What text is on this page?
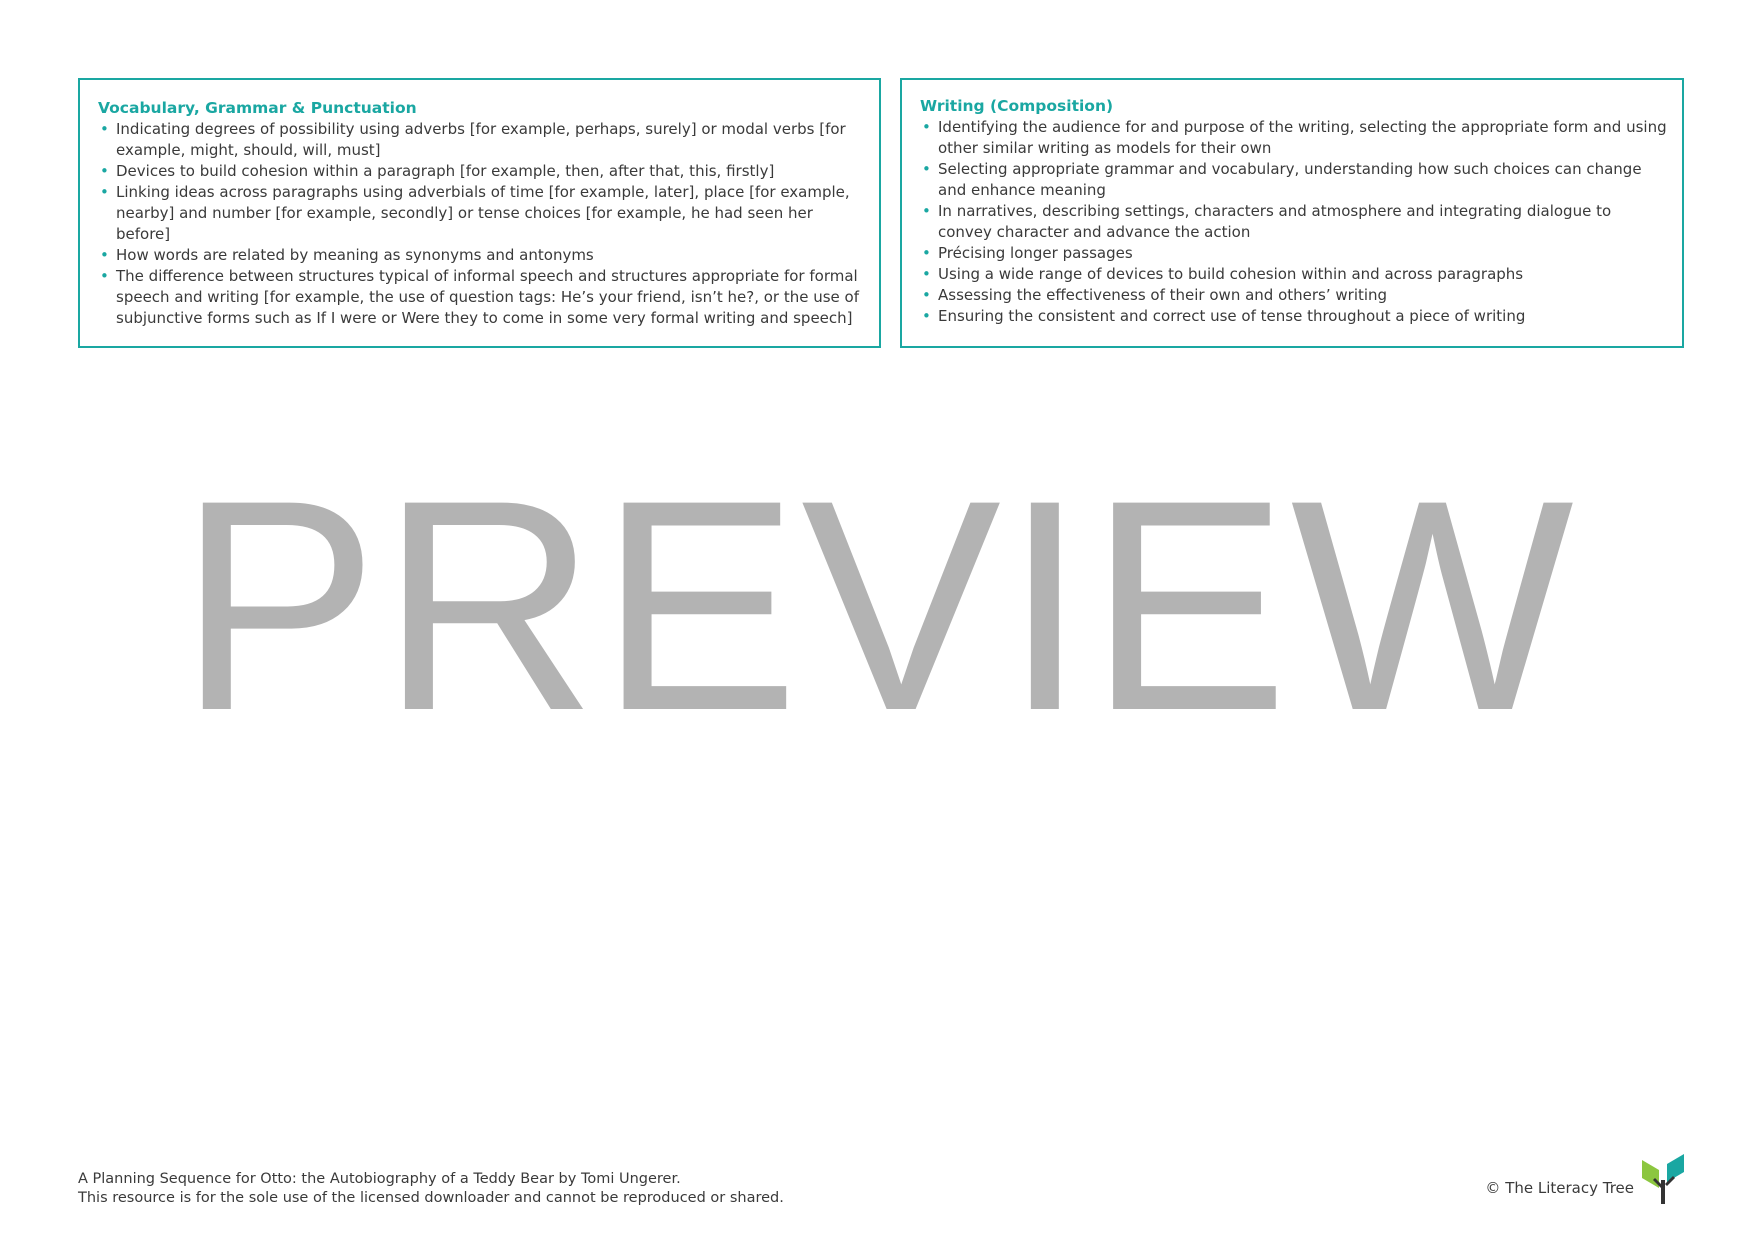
Vocabulary, Grammar & Punctuation
• Indicating degrees of possibility using adverbs [for example, perhaps, surely] or modal verbs [for example, might, should, will, must]
• Devices to build cohesion within a paragraph [for example, then, after that, this, firstly]
• Linking ideas across paragraphs using adverbials of time [for example, later], place [for example, nearby] and number [for example, secondly] or tense choices [for example, he had seen her before]
• How words are related by meaning as synonyms and antonyms
• The difference between structures typical of informal speech and structures appropriate for formal speech and writing [for example, the use of question tags: He’s your friend, isn’t he?, or the use of subjunctive forms such as If I were or Were they to come in some very formal writing and speech]
Writing (Composition)
• Identifying the audience for and purpose of the writing, selecting the appropriate form and using other similar writing as models for their own
• Selecting appropriate grammar and vocabulary, understanding how such choices can change and enhance meaning
• In narratives, describing settings, characters and atmosphere and integrating dialogue to convey character and advance the action
• Précising longer passages
• Using a wide range of devices to build cohesion within and across paragraphs
• Assessing the effectiveness of their own and others’ writing
• Ensuring the consistent and correct use of tense throughout a piece of writing
PREVIEW
A Planning Sequence for Otto: the Autobiography of a Teddy Bear by Tomi Ungerer.
This resource is for the sole use of the licensed downloader and cannot be reproduced or shared.
© The Literacy Tree
